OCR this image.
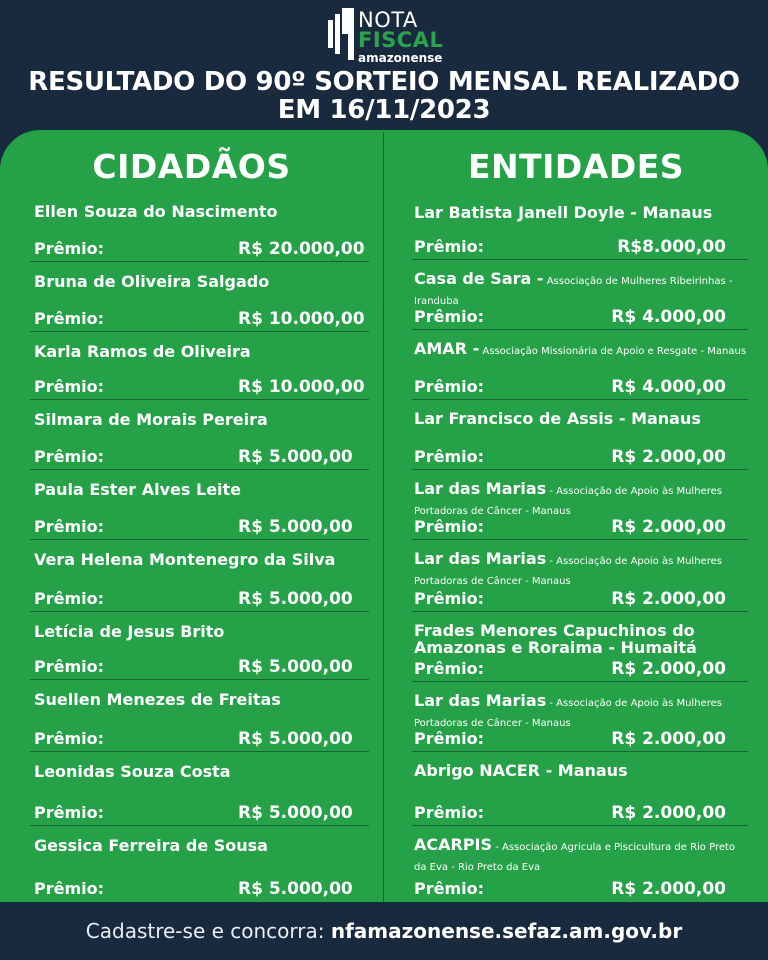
NOTA
FISCAL
amazonense
RESULTADO DO 90º SORTEIO MENSAL REALIZADO
EM 16/11/2023
CIDADÃOS	ENTIDADES
Ellen Souza do Nascimento
Prêmio:	R$ 20.000,00
Bruna de Oliveira Salgado
Prêmio:	R$ 10.000,00
Karla Ramos de Oliveira
Prêmio:	R$ 10.000,00
Silmara de Morais Pereira
Prêmio:	R$ 5.000,00
Paula Ester Alves Leite
Prêmio:	R$ 5.000,00
Vera Helena Montenegro da Silva
Prêmio:	R$ 5.000,00
Letícia de Jesus Brito
Prêmio:	R$ 5.000,00
Suellen Menezes de Freitas
Prêmio:	R$ 5.000,00
Leonidas Souza Costa
Prêmio:	R$ 5.000,00
Gessica Ferreira de Sousa
Prêmio:	R$ 5.000,00
Lar Batista Janell Doyle - Manaus
Prêmio:	R$8.000,00
Casa de Sara - Associação de Mulheres Ribeirinhas - Iranduba
Prêmio:	R$ 4.000,00
AMAR - Associação Missionária de Apoio e Resgate - Manaus
Prêmio:	R$ 4.000,00
Lar Francisco de Assis - Manaus
Prêmio:	R$ 2.000,00
Lar das Marias - Associação de Apoio às Mulheres Portadoras de Câncer - Manaus
Prêmio:	R$ 2.000,00
Lar das Marias - Associação de Apoio às Mulheres Portadoras de Câncer - Manaus
Prêmio:	R$ 2.000,00
Frades Menores Capuchinos do Amazonas e Roraima - Humaitá
Prêmio:	R$ 2.000,00
Lar das Marias - Associação de Apoio às Mulheres Portadoras de Câncer - Manaus
Prêmio:	R$ 2.000,00
Abrigo NACER - Manaus
Prêmio:	R$ 2.000,00
ACARPIS - Associação Agricula e Piscicultura de Rio Preto da Eva - Rio Preto da Eva
Prêmio:	R$ 2.000,00
Cadastre-se e concorra: nfamazonense.sefaz.am.gov.br
